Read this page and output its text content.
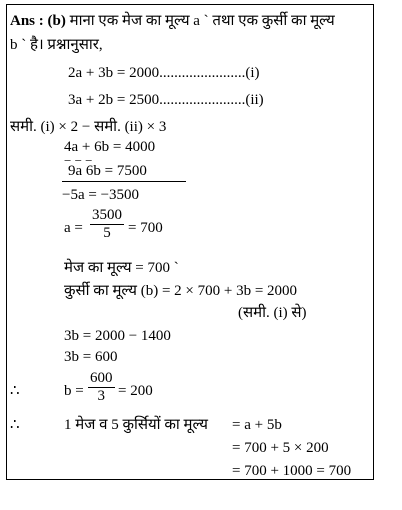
Ans : (b) माना एक मेज का मूल्य a ` तथा एक कुर्सी का मूल्य
b ` है। प्रश्नानुसार,
2a + 3b = 2000.......................(i)
3a + 2b = 2500.......................(ii)
समी. (i) × 2 − समी. (ii) × 3
4a + 6b = 4000
− − −
9a 6b = 7500
−5a = −3500
a =
3500
5 = 700
मेज का मूल्य = 700 `
कुर्सी का मूल्य (b) = 2 × 700 + 3b = 2000
(समी. (i) से)
3b = 2000 − 1400
3b = 600
∴	b =
600
3 = 200
∴	1 मेज व 5 कुर्सियों का मूल्य = a + 5b
= 700 + 5 × 200
= 700 + 1000 = 700
